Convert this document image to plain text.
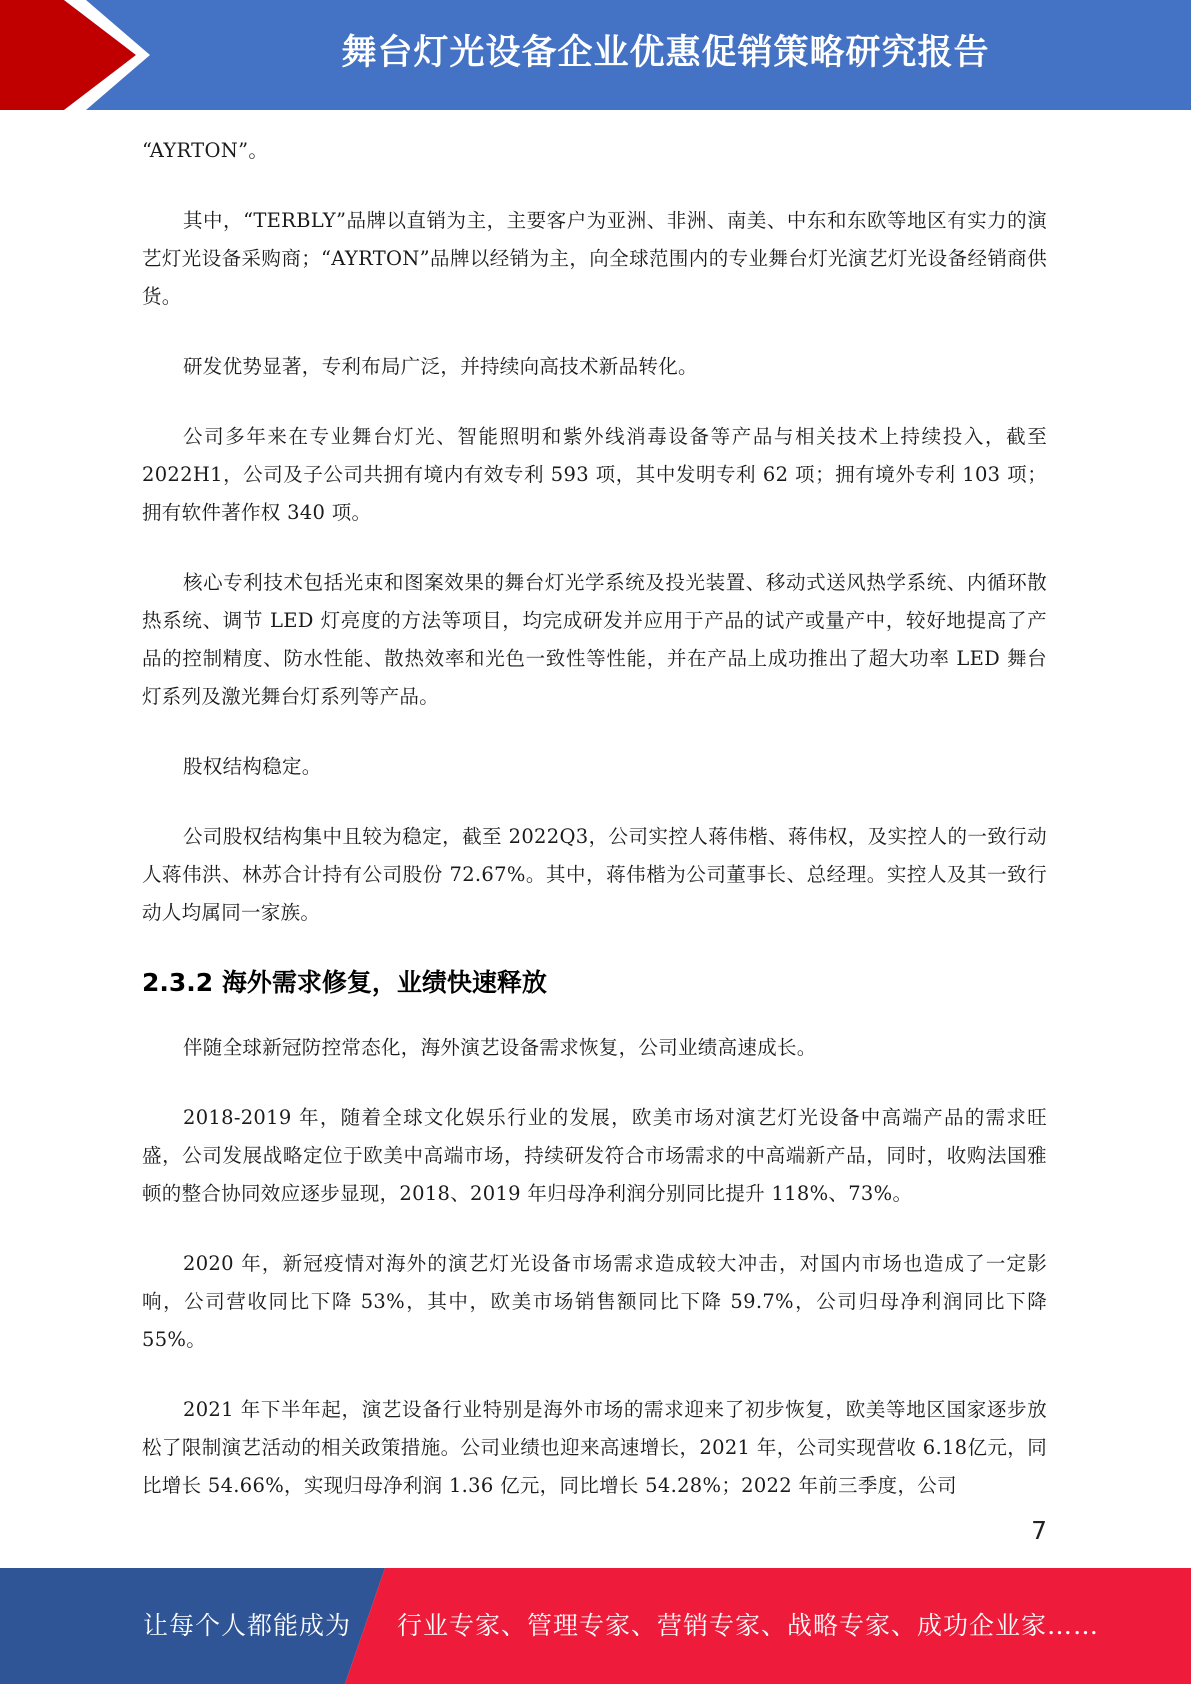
舞台灯光设备企业优惠促销策略研究报告

“AYRTON”。

其中，“TERBLY”品牌以直销为主，主要客户为亚洲、非洲、南美、中东和东欧等地区有实力的演艺灯光设备采购商；“AYRTON”品牌以经销为主，向全球范围内的专业舞台灯光演艺灯光设备经销商供货。

研发优势显著，专利布局广泛，并持续向高技术新品转化。

公司多年来在专业舞台灯光、智能照明和紫外线消毒设备等产品与相关技术上持续投入，截至2022H1，公司及子公司共拥有境内有效专利 593 项，其中发明专利 62 项；拥有境外专利 103 项；拥有软件著作权 340 项。

核心专利技术包括光束和图案效果的舞台灯光学系统及投光装置、移动式送风热学系统、内循环散热系统、调节 LED 灯亮度的方法等项目，均完成研发并应用于产品的试产或量产中，较好地提高了产品的控制精度、防水性能、散热效率和光色一致性等性能，并在产品上成功推出了超大功率 LED 舞台灯系列及激光舞台灯系列等产品。

股权结构稳定。

公司股权结构集中且较为稳定，截至 2022Q3，公司实控人蒋伟楷、蒋伟权，及实控人的一致行动人蒋伟洪、林苏合计持有公司股份 72.67%。其中，蒋伟楷为公司董事长、总经理。实控人及其一致行动人均属同一家族。

2.3.2 海外需求修复，业绩快速释放

伴随全球新冠防控常态化，海外演艺设备需求恢复，公司业绩高速成长。

2018-2019 年，随着全球文化娱乐行业的发展，欧美市场对演艺灯光设备中高端产品的需求旺盛，公司发展战略定位于欧美中高端市场，持续研发符合市场需求的中高端新产品，同时，收购法国雅顿的整合协同效应逐步显现，2018、2019 年归母净利润分别同比提升 118%、73%。

2020 年，新冠疫情对海外的演艺灯光设备市场需求造成较大冲击，对国内市场也造成了一定影响，公司营收同比下降 53%，其中，欧美市场销售额同比下降 59.7%，公司归母净利润同比下降55%。

2021 年下半年起，演艺设备行业特别是海外市场的需求迎来了初步恢复，欧美等地区国家逐步放松了限制演艺活动的相关政策措施。公司业绩也迎来高速增长，2021 年，公司实现营收 6.18亿元，同比增长 54.66%，实现归母净利润 1.36 亿元，同比增长 54.28%；2022 年前三季度，公司

7
让每个人都能成为 行业专家、管理专家、营销专家、战略专家、成功企业家……
